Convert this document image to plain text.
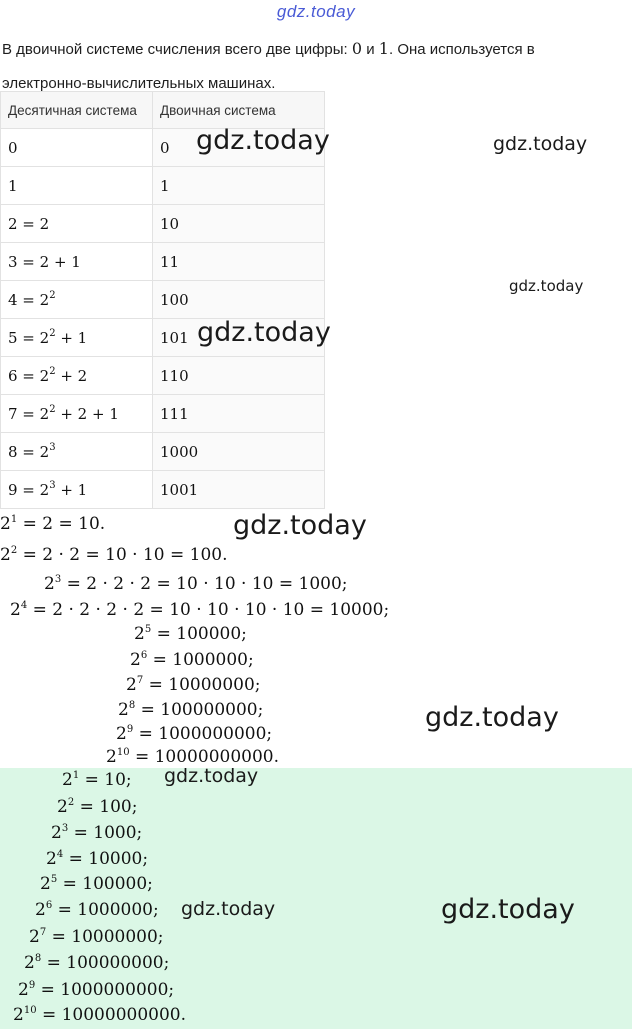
gdz.today
В двоичной системе счисления всего две цифры: 0 и 1. Она используется в электронно-вычислительных машинах.
Десятичная система	Двоичная система
0	0
1	1
2 = 2	10
3 = 2 + 1	11
$4 = 2^2$	100
$5 = 2^2 + 1$	101
$6 = 2^2 + 2$	110
$7 = 2^2 + 2 + 1$	111
$8 = 2^3$	1000
$9 = 2^3 + 1$	1001
$2^1 = 2 = 10$.
$2^2 = 2 \cdot 2 = 10 \cdot 10 = 100$.
$2^3 = 2 \cdot 2 \cdot 2 = 10 \cdot 10 \cdot 10 = 1000$;
$2^4 = 2 \cdot 2 \cdot 2 \cdot 2 = 10 \cdot 10 \cdot 10 \cdot 10 = 10000$;
$2^5 = 100000$;
$2^6 = 1000000$;
$2^7 = 10000000$;
$2^8 = 100000000$;
$2^9 = 1000000000$;
$2^{10} = 10000000000$.
$2^1 = 10$;
$2^2 = 100$;
$2^3 = 1000$;
$2^4 = 10000$;
$2^5 = 100000$;
$2^6 = 1000000$;
$2^7 = 10000000$;
$2^8 = 100000000$;
$2^9 = 1000000000$;
$2^{10} = 10000000000$.
gdz.today	gdz.today
gdz.today
gdz.today
gdz.today
gdz.today
gdz.today
gdz.today	gdz.today
